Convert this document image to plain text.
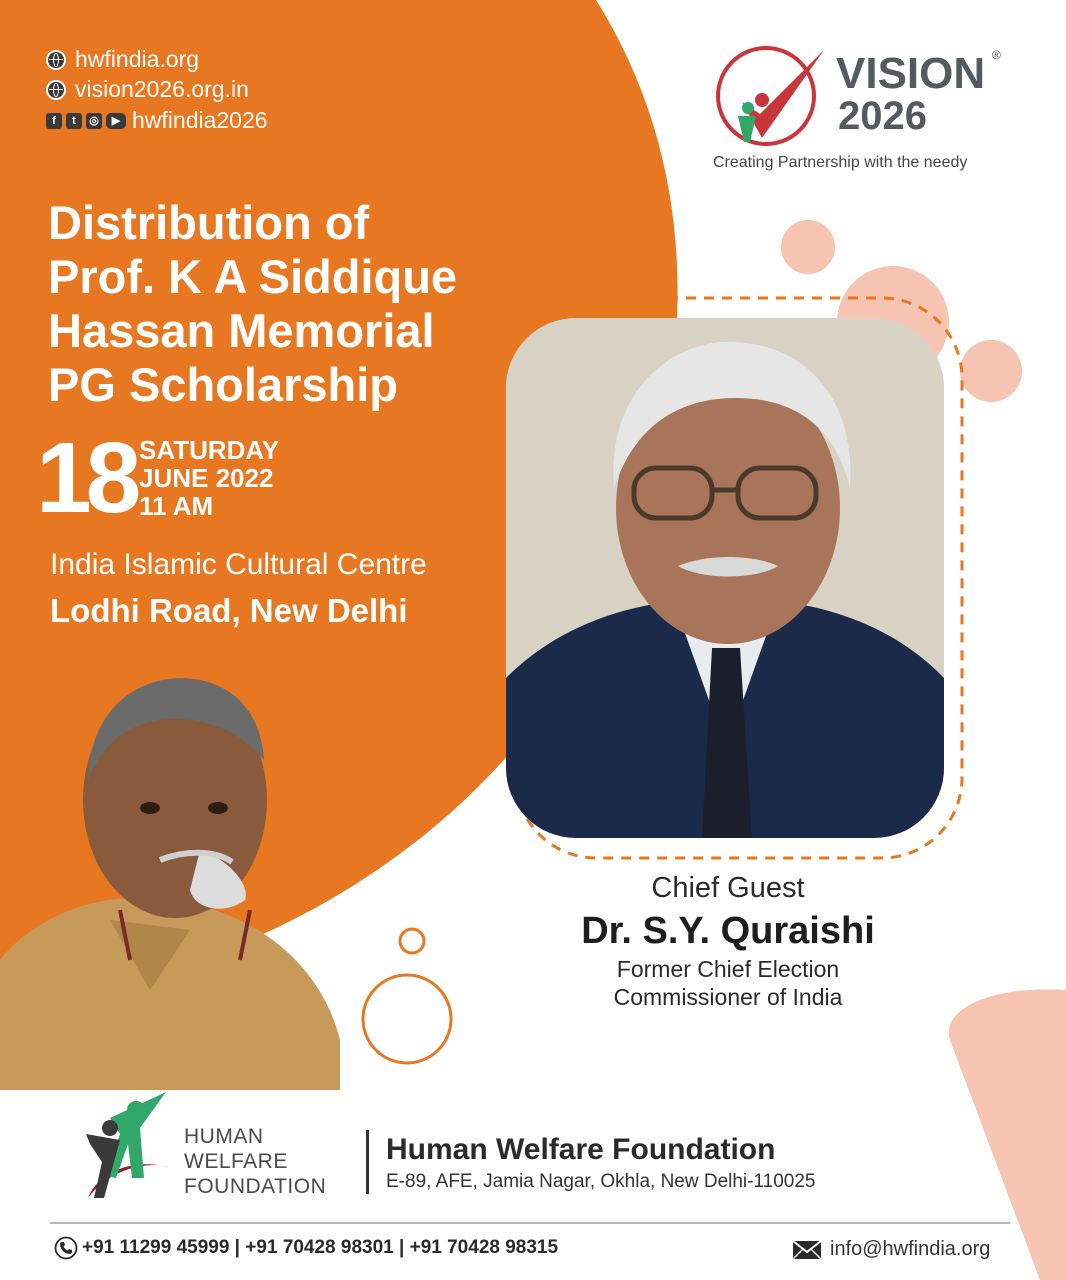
hwfindia.org
vision2026.org.in
f	t	◎	▶ hwfindia2026
VISION
2026
®
Creating Partnership with the needy
Distribution of
Prof. K A Siddique
Hassan Memorial
PG Scholarship
18 SATURDAY
JUNE 2022
11 AM
India Islamic Cultural Centre
Lodhi Road, New Delhi
Chief Guest
Dr. S.Y. Quraishi
Former Chief Election
Commissioner of India
HUMAN
WELFARE
FOUNDATION
Human Welfare Foundation
E-89, AFE, Jamia Nagar, Okhla, New Delhi-110025
+91 11299 45999 | +91 70428 98301 | +91 70428 98315	info@hwfindia.org
